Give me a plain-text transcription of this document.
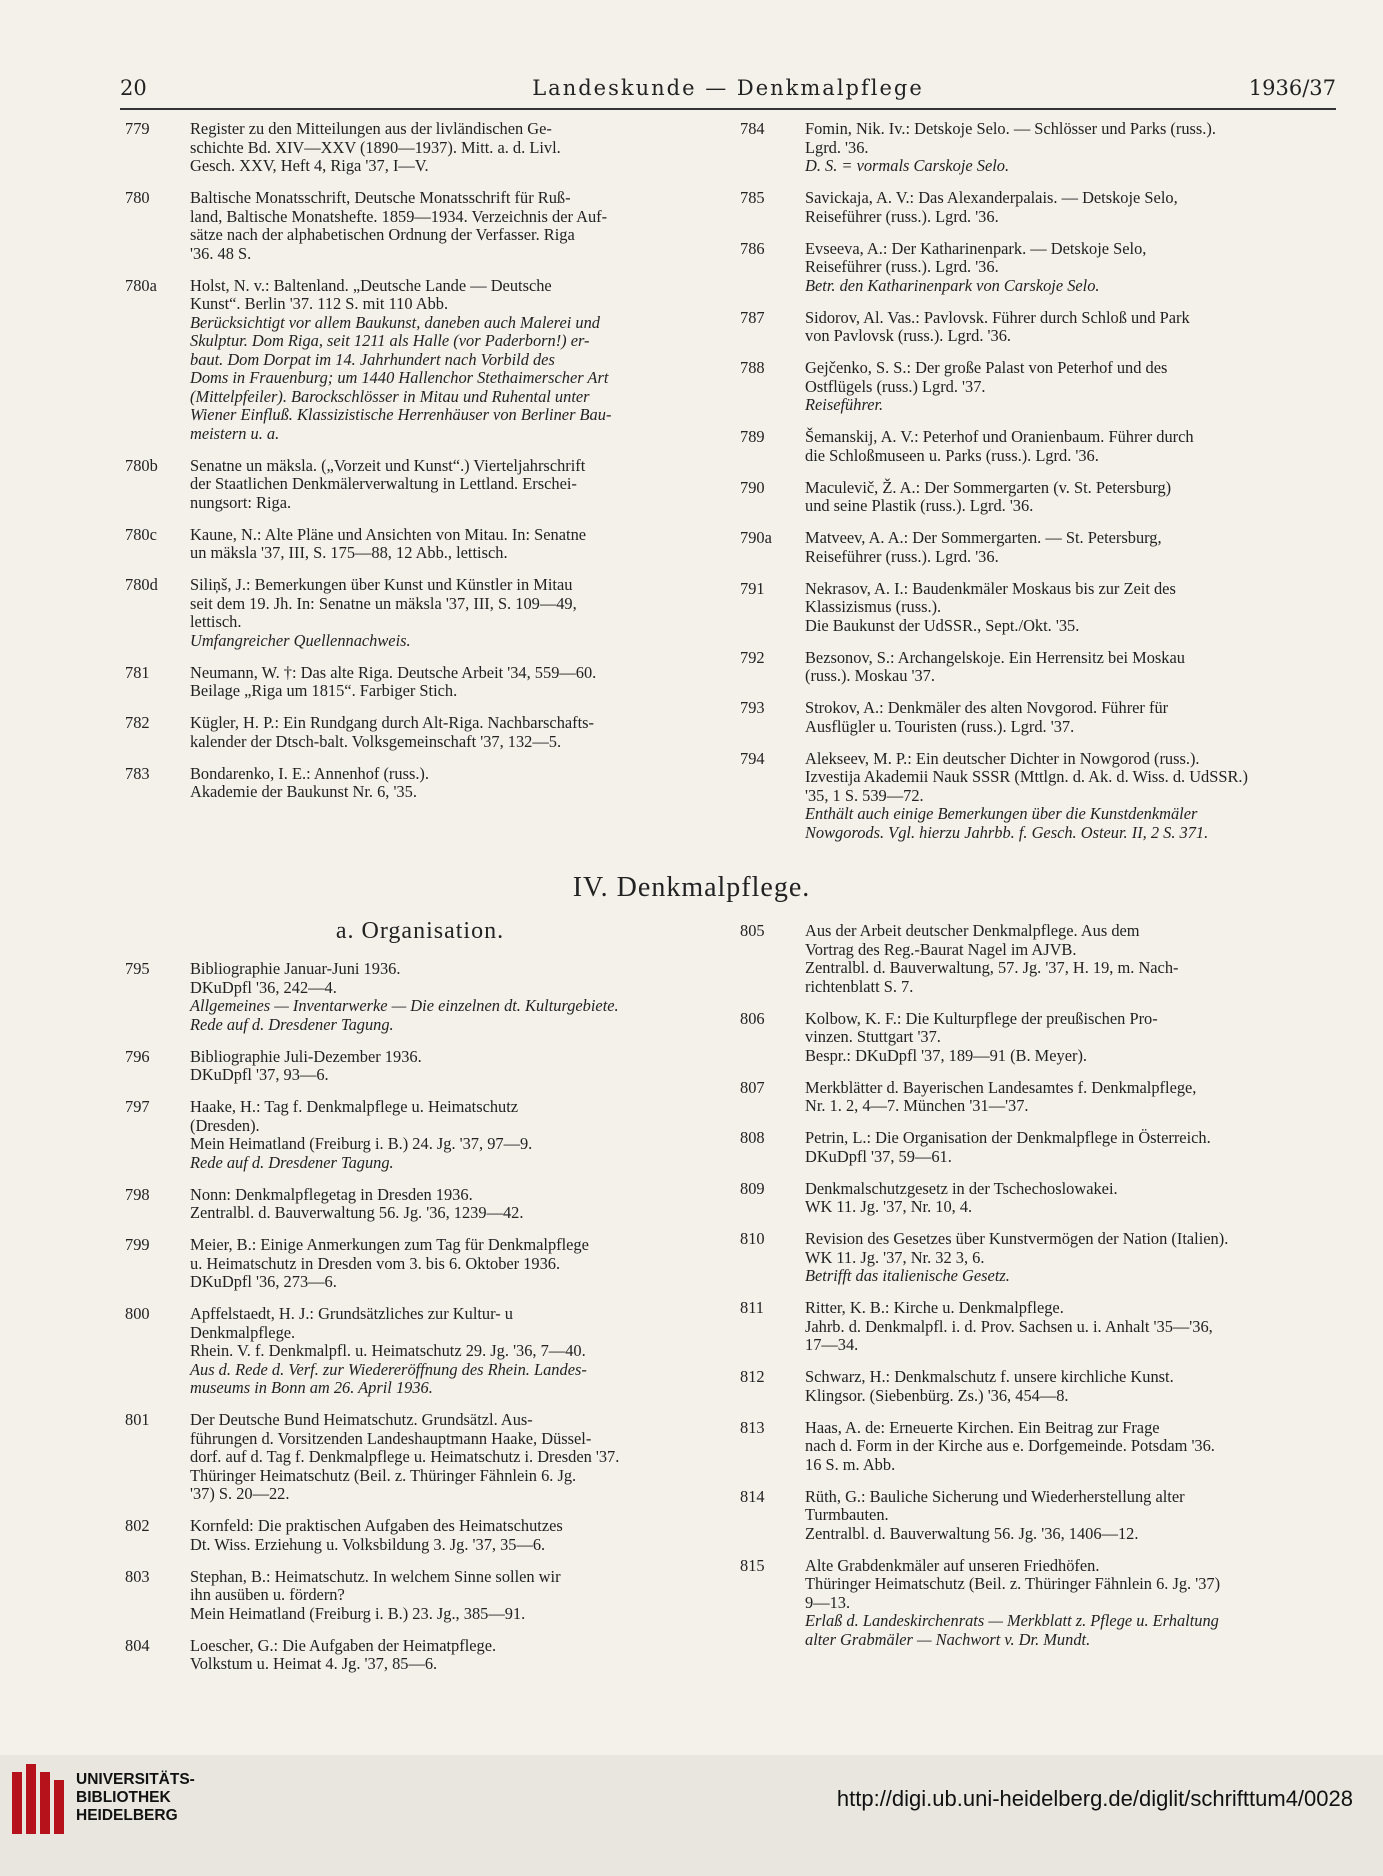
20	Landeskunde — Denkmalpflege	1936/37
779	Register zu den Mitteilungen aus der livländischen Ge-
schichte Bd. XIV—XXV (1890—1937). Mitt. a. d. Livl.
Gesch. XXV, Heft 4, Riga '37, I—V.
780	Baltische Monatsschrift, Deutsche Monatsschrift für Ruß-
land, Baltische Monatshefte. 1859—1934. Verzeichnis der Auf-
sätze nach der alphabetischen Ordnung der Verfasser. Riga
'36. 48 S.
780a	Holst, N. v.: Baltenland. „Deutsche Lande — Deutsche
Kunst“. Berlin '37. 112 S. mit 110 Abb.
Berücksichtigt vor allem Baukunst, daneben auch Malerei und
Skulptur. Dom Riga, seit 1211 als Halle (vor Paderborn!) er-
baut. Dom Dorpat im 14. Jahrhundert nach Vorbild des
Doms in Frauenburg; um 1440 Hallenchor Stethaimerscher Art
(Mittelpfeiler). Barockschlösser in Mitau und Ruhental unter
Wiener Einfluß. Klassizistische Herrenhäuser von Berliner Bau-
meistern u. a.
780b	Senatne un mäksla. („Vorzeit und Kunst“.) Vierteljahrschrift
der Staatlichen Denkmälerverwaltung in Lettland. Erschei-
nungsort: Riga.
780c	Kaune, N.: Alte Pläne und Ansichten von Mitau. In: Senatne
un mäksla '37, III, S. 175—88, 12 Abb., lettisch.
780d	Siliņš, J.: Bemerkungen über Kunst und Künstler in Mitau
seit dem 19. Jh. In: Senatne un mäksla '37, III, S. 109—49,
lettisch.
Umfangreicher Quellennachweis.
781	Neumann, W. †: Das alte Riga. Deutsche Arbeit '34, 559—60.
Beilage „Riga um 1815“. Farbiger Stich.
782	Kügler, H. P.: Ein Rundgang durch Alt-Riga. Nachbarschafts-
kalender der Dtsch-balt. Volksgemeinschaft '37, 132—5.
783	Bondarenko, I. E.: Annenhof (russ.).
Akademie der Baukunst Nr. 6, '35.
784	Fomin, Nik. Iv.: Detskoje Selo. — Schlösser und Parks (russ.).
Lgrd. '36.
D. S. = vormals Carskoje Selo.
785	Savickaja, A. V.: Das Alexanderpalais. — Detskoje Selo,
Reiseführer (russ.). Lgrd. '36.
786	Evseeva, A.: Der Katharinenpark. — Detskoje Selo,
Reiseführer (russ.). Lgrd. '36.
Betr. den Katharinenpark von Carskoje Selo.
787	Sidorov, Al. Vas.: Pavlovsk. Führer durch Schloß und Park
von Pavlovsk (russ.). Lgrd. '36.
788	Gejčenko, S. S.: Der große Palast von Peterhof und des
Ostflügels (russ.) Lgrd. '37.
Reiseführer.
789	Šemanskij, A. V.: Peterhof und Oranienbaum. Führer durch
die Schloßmuseen u. Parks (russ.). Lgrd. '36.
790	Maculevič, Ž. A.: Der Sommergarten (v. St. Petersburg)
und seine Plastik (russ.). Lgrd. '36.
790a	Matveev, A. A.: Der Sommergarten. — St. Petersburg,
Reiseführer (russ.). Lgrd. '36.
791	Nekrasov, A. I.: Baudenkmäler Moskaus bis zur Zeit des
Klassizismus (russ.).
Die Baukunst der UdSSR., Sept./Okt. '35.
792	Bezsonov, S.: Archangelskoje. Ein Herrensitz bei Moskau
(russ.). Moskau '37.
793	Strokov, A.: Denkmäler des alten Novgorod. Führer für
Ausflügler u. Touristen (russ.). Lgrd. '37.
794	Alekseev, M. P.: Ein deutscher Dichter in Nowgorod (russ.).
Izvestija Akademii Nauk SSSR (Mttlgn. d. Ak. d. Wiss. d. UdSSR.)
'35, 1 S. 539—72.
Enthält auch einige Bemerkungen über die Kunstdenkmäler
Nowgorods. Vgl. hierzu Jahrbb. f. Gesch. Osteur. II, 2 S. 371.
IV. Denkmalpflege.
a. Organisation.
795	Bibliographie Januar-Juni 1936.
DKuDpfl '36, 242—4.
Allgemeines — Inventarwerke — Die einzelnen dt. Kulturgebiete.
Rede auf d. Dresdener Tagung.
796	Bibliographie Juli-Dezember 1936.
DKuDpfl '37, 93—6.
797	Haake, H.: Tag f. Denkmalpflege u. Heimatschutz
(Dresden).
Mein Heimatland (Freiburg i. B.) 24. Jg. '37, 97—9.
Rede auf d. Dresdener Tagung.
798	Nonn: Denkmalpflegetag in Dresden 1936.
Zentralbl. d. Bauverwaltung 56. Jg. '36, 1239—42.
799	Meier, B.: Einige Anmerkungen zum Tag für Denkmalpflege
u. Heimatschutz in Dresden vom 3. bis 6. Oktober 1936.
DKuDpfl '36, 273—6.
800	Apffelstaedt, H. J.: Grundsätzliches zur Kultur- u
Denkmalpflege.
Rhein. V. f. Denkmalpfl. u. Heimatschutz 29. Jg. '36, 7—40.
Aus d. Rede d. Verf. zur Wiedereröffnung des Rhein. Landes-
museums in Bonn am 26. April 1936.
801	Der Deutsche Bund Heimatschutz. Grundsätzl. Aus-
führungen d. Vorsitzenden Landeshauptmann Haake, Düssel-
dorf. auf d. Tag f. Denkmalpflege u. Heimatschutz i. Dresden '37.
Thüringer Heimatschutz (Beil. z. Thüringer Fähnlein 6. Jg.
'37) S. 20—22.
802	Kornfeld: Die praktischen Aufgaben des Heimatschutzes
Dt. Wiss. Erziehung u. Volksbildung 3. Jg. '37, 35—6.
803	Stephan, B.: Heimatschutz. In welchem Sinne sollen wir
ihn ausüben u. fördern?
Mein Heimatland (Freiburg i. B.) 23. Jg., 385—91.
804	Loescher, G.: Die Aufgaben der Heimatpflege.
Volkstum u. Heimat 4. Jg. '37, 85—6.
805	Aus der Arbeit deutscher Denkmalpflege. Aus dem
Vortrag des Reg.-Baurat Nagel im AJVB.
Zentralbl. d. Bauverwaltung, 57. Jg. '37, H. 19, m. Nach-
richtenblatt S. 7.
806	Kolbow, K. F.: Die Kulturpflege der preußischen Pro-
vinzen. Stuttgart '37.
Bespr.: DKuDpfl '37, 189—91 (B. Meyer).
807	Merkblätter d. Bayerischen Landesamtes f. Denkmalpflege,
Nr. 1. 2, 4—7. München '31—'37.
808	Petrin, L.: Die Organisation der Denkmalpflege in Österreich.
DKuDpfl '37, 59—61.
809	Denkmalschutzgesetz in der Tschechoslowakei.
WK 11. Jg. '37, Nr. 10, 4.
810	Revision des Gesetzes über Kunstvermögen der Nation (Italien).
WK 11. Jg. '37, Nr. 32 3, 6.
Betrifft das italienische Gesetz.
811	Ritter, K. B.: Kirche u. Denkmalpflege.
Jahrb. d. Denkmalpfl. i. d. Prov. Sachsen u. i. Anhalt '35—'36,
17—34.
812	Schwarz, H.: Denkmalschutz f. unsere kirchliche Kunst.
Klingsor. (Siebenbürg. Zs.) '36, 454—8.
813	Haas, A. de: Erneuerte Kirchen. Ein Beitrag zur Frage
nach d. Form in der Kirche aus e. Dorfgemeinde. Potsdam '36.
16 S. m. Abb.
814	Rüth, G.: Bauliche Sicherung und Wiederherstellung alter
Turmbauten.
Zentralbl. d. Bauverwaltung 56. Jg. '36, 1406—12.
815	Alte Grabdenkmäler auf unseren Friedhöfen.
Thüringer Heimatschutz (Beil. z. Thüringer Fähnlein 6. Jg. '37)
9—13.
Erlaß d. Landeskirchenrats — Merkblatt z. Pflege u. Erhaltung
alter Grabmäler — Nachwort v. Dr. Mundt.
UNIVERSITÄTS-
BIBLIOTHEK
HEIDELBERG
http://digi.ub.uni-heidelberg.de/diglit/schrifttum4/0028
